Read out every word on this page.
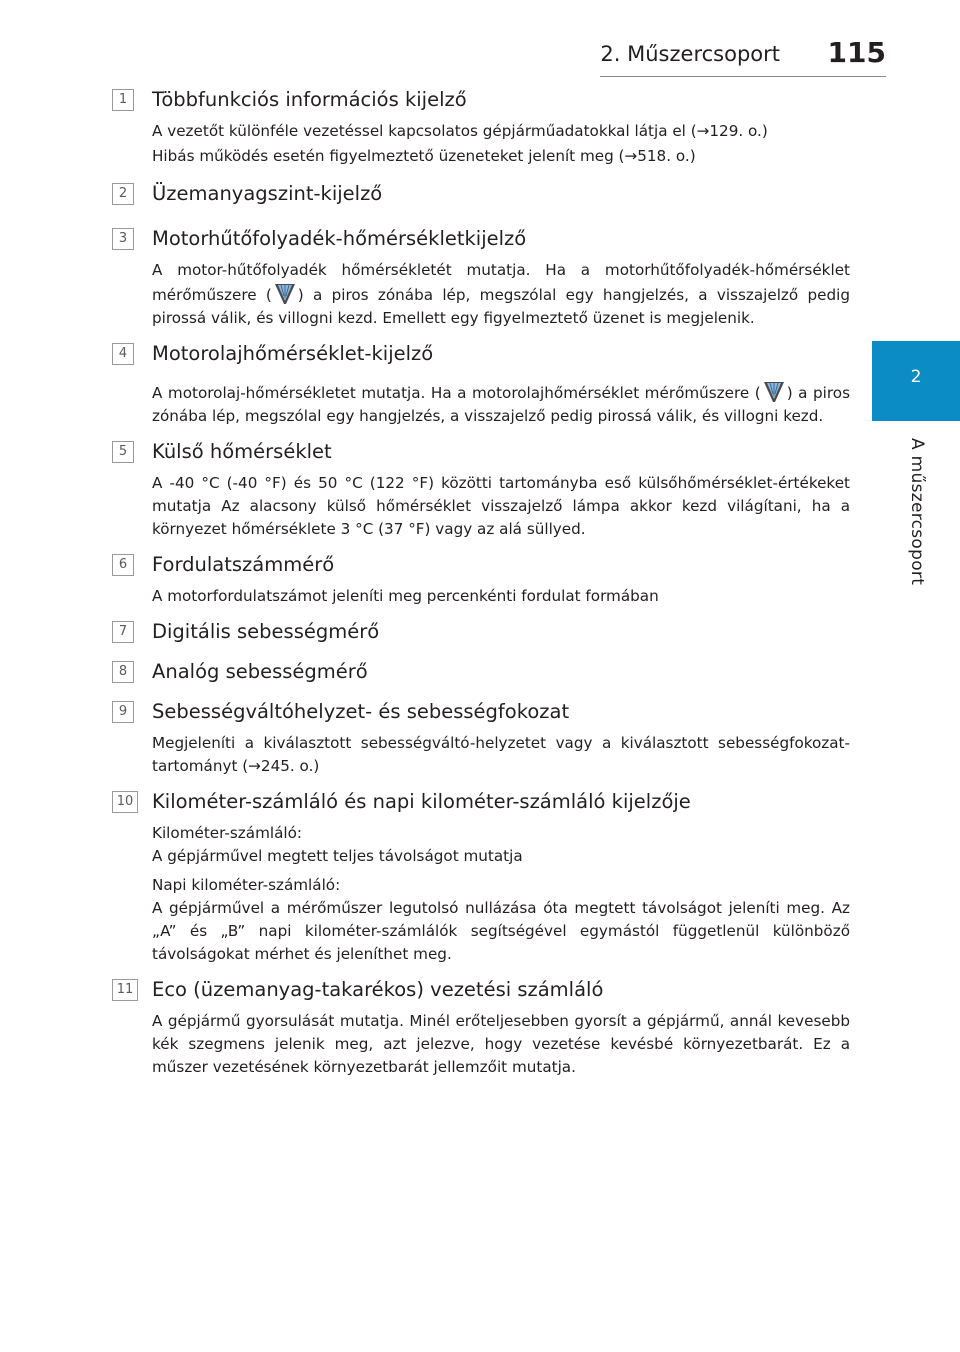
2. Műszercsoport 115
2
A műszercsoport
1	Többfunkciós információs kijelző

A vezetőt különféle vezetéssel kapcsolatos gépjárműadatokkal látja el (→129. o.)

Hibás működés esetén figyelmeztető üzeneteket jelenít meg (→518. o.)

2	Üzemanyagszint-kijelző
3	Motorhűtőfolyadék-hőmérsékletkijelző
A motor-hűtőfolyadék hőmérsékletét mutatja. Ha a motorhűtőfolyadék-hőmérséklet mérőműszere ( ) a piros zónába lép, megszólal egy hangjelzés, a visszajelző pedig pirossá válik, és villogni kezd. Emellett egy figyelmeztető üzenet is megjelenik.
4	Motorolajhőmérséklet-kijelző
A motorolaj-hőmérsékletet mutatja. Ha a motorolajhőmérséklet mérőműszere ( ) a piros zónába lép, megszólal egy hangjelzés, a visszajelző pedig pirossá válik, és villogni kezd.
5	Külső hőmérséklet
A -40 °C (-40 °F) és 50 °C (122 °F) közötti tartományba eső külsőhőmérséklet-értékeket mutatja Az alacsony külső hőmérséklet visszajelző lámpa akkor kezd világítani, ha a környezet hőmérséklete 3 °C (37 °F) vagy az alá süllyed.
6	Fordulatszámmérő
A motorfordulatszámot jeleníti meg percenkénti fordulat formában
7	Digitális sebességmérő
8	Analóg sebességmérő
9	Sebességváltóhelyzet- és sebességfokozat
Megjeleníti a kiválasztott sebességváltó-helyzetet vagy a kiválasztott sebességfokozat-tartományt (→245. o.)
10 Kilométer-számláló és napi kilométer-számláló kijelzője

Kilométer-számláló:

A gépjárművel megtett teljes távolságot mutatja

Napi kilométer-számláló:

A gépjárművel a mérőműszer legutolsó nullázása óta megtett távolságot jeleníti meg. Az „A” és „B” napi kilométer-számlálók segítségével egymástól függetlenül különböző távolságokat mérhet és jeleníthet meg.

11 Eco (üzemanyag-takarékos) vezetési számláló
A gépjármű gyorsulását mutatja. Minél erőteljesebben gyorsít a gépjármű, annál kevesebb kék szegmens jelenik meg, azt jelezve, hogy vezetése kevésbé környezetbarát. Ez a műszer vezetésének környezetbarát jellemzőit mutatja.
